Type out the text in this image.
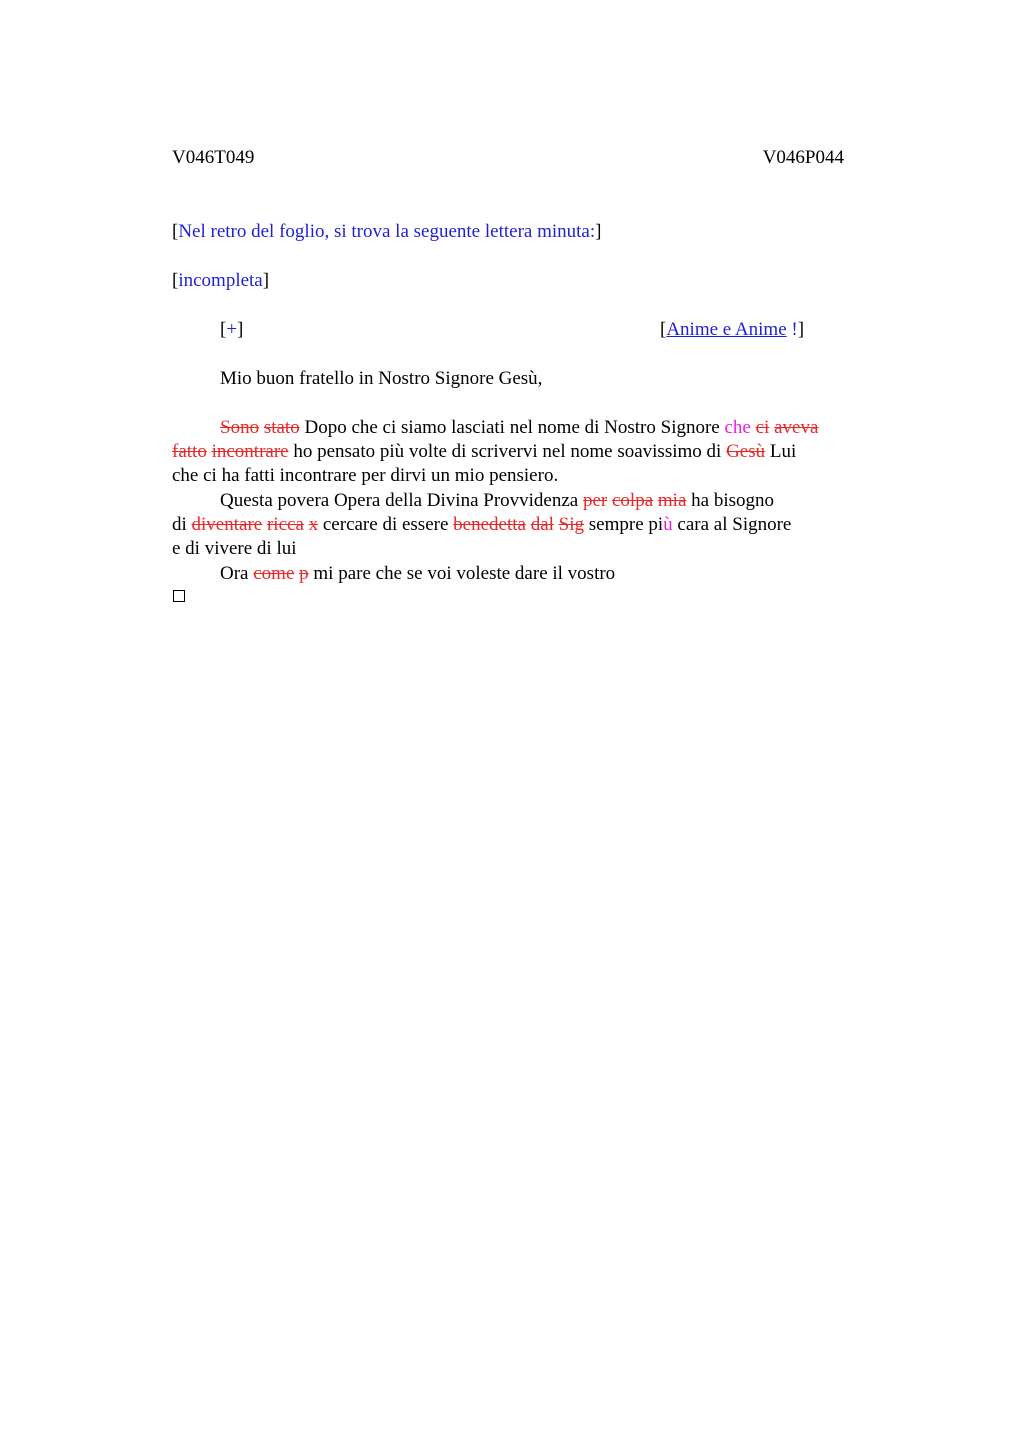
V046T049	V046P044
[Nel retro del foglio, si trova la seguente lettera minuta:]
[incompleta]
[+]	[Anime e Anime !]
Mio buon fratello in Nostro Signore Gesù,
Sono stato Dopo che ci siamo lasciati nel nome di Nostro Signore che ci aveva
fatto incontrare ho pensato più volte di scrivervi nel nome soavissimo di Gesù Lui
che ci ha fatti incontrare per dirvi un mio pensiero.
Questa povera Opera della Divina Provvidenza per colpa mia ha bisogno
di diventare ricca x cercare di essere benedetta dal Sig sempre più cara al Signore
e di vivere di lui
Ora come p mi pare che se voi voleste dare il vostro
